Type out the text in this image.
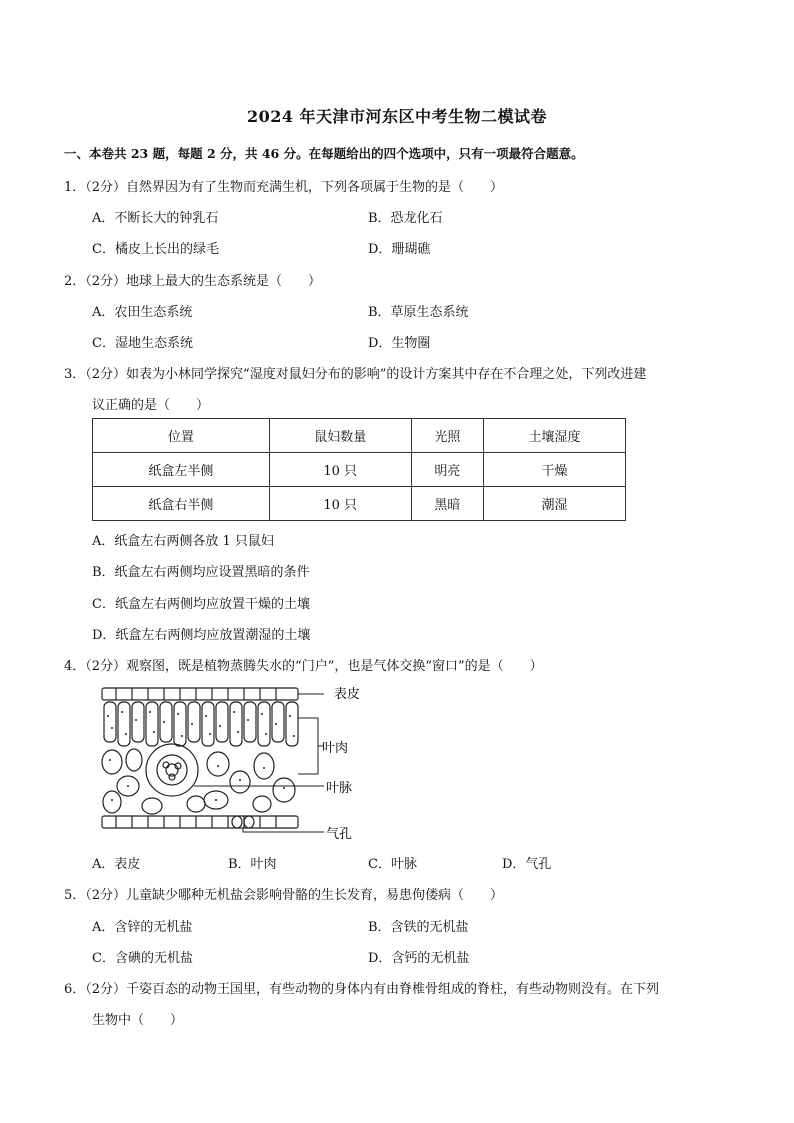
2024 年天津市河东区中考生物二模试卷
一、本卷共 23 题，每题 2 分，共 46 分。在每题给出的四个选项中，只有一项最符合题意。
1．（2分）自然界因为有了生物而充满生机，下列各项属于生物的是（　　）
A．不断长大的钟乳石	B．恐龙化石
C．橘皮上长出的绿毛	D．珊瑚礁
2．（2分）地球上最大的生态系统是（　　）
A．农田生态系统	B．草原生态系统
C．湿地生态系统	D．生物圈
3．（2分）如表为小林同学探究“湿度对鼠妇分布的影响”的设计方案其中存在不合理之处，下列改进建
议正确的是（　　）
位置	鼠妇数量	光照	土壤湿度
纸盒左半侧	10 只	明亮	干燥
纸盒右半侧	10 只	黑暗	潮湿
A．纸盒左右两侧各放 1 只鼠妇
B．纸盒左右两侧均应设置黑暗的条件
C．纸盒左右两侧均应放置干燥的土壤
D．纸盒左右两侧均应放置潮湿的土壤
4．（2分）观察图，既是植物蒸腾失水的“门户”，也是气体交换“窗口”的是（　　）
表皮
叶肉
叶脉
气孔
A．表皮	B．叶肉	C．叶脉	D．气孔
5．（2分）儿童缺少哪种无机盐会影响骨骼的生长发育，易患佝偻病（　　）
A．含锌的无机盐	B．含铁的无机盐
C．含碘的无机盐	D．含钙的无机盐
6．（2分）千姿百态的动物王国里，有些动物的身体内有由脊椎骨组成的脊柱，有些动物则没有。在下列
生物中（　　）
